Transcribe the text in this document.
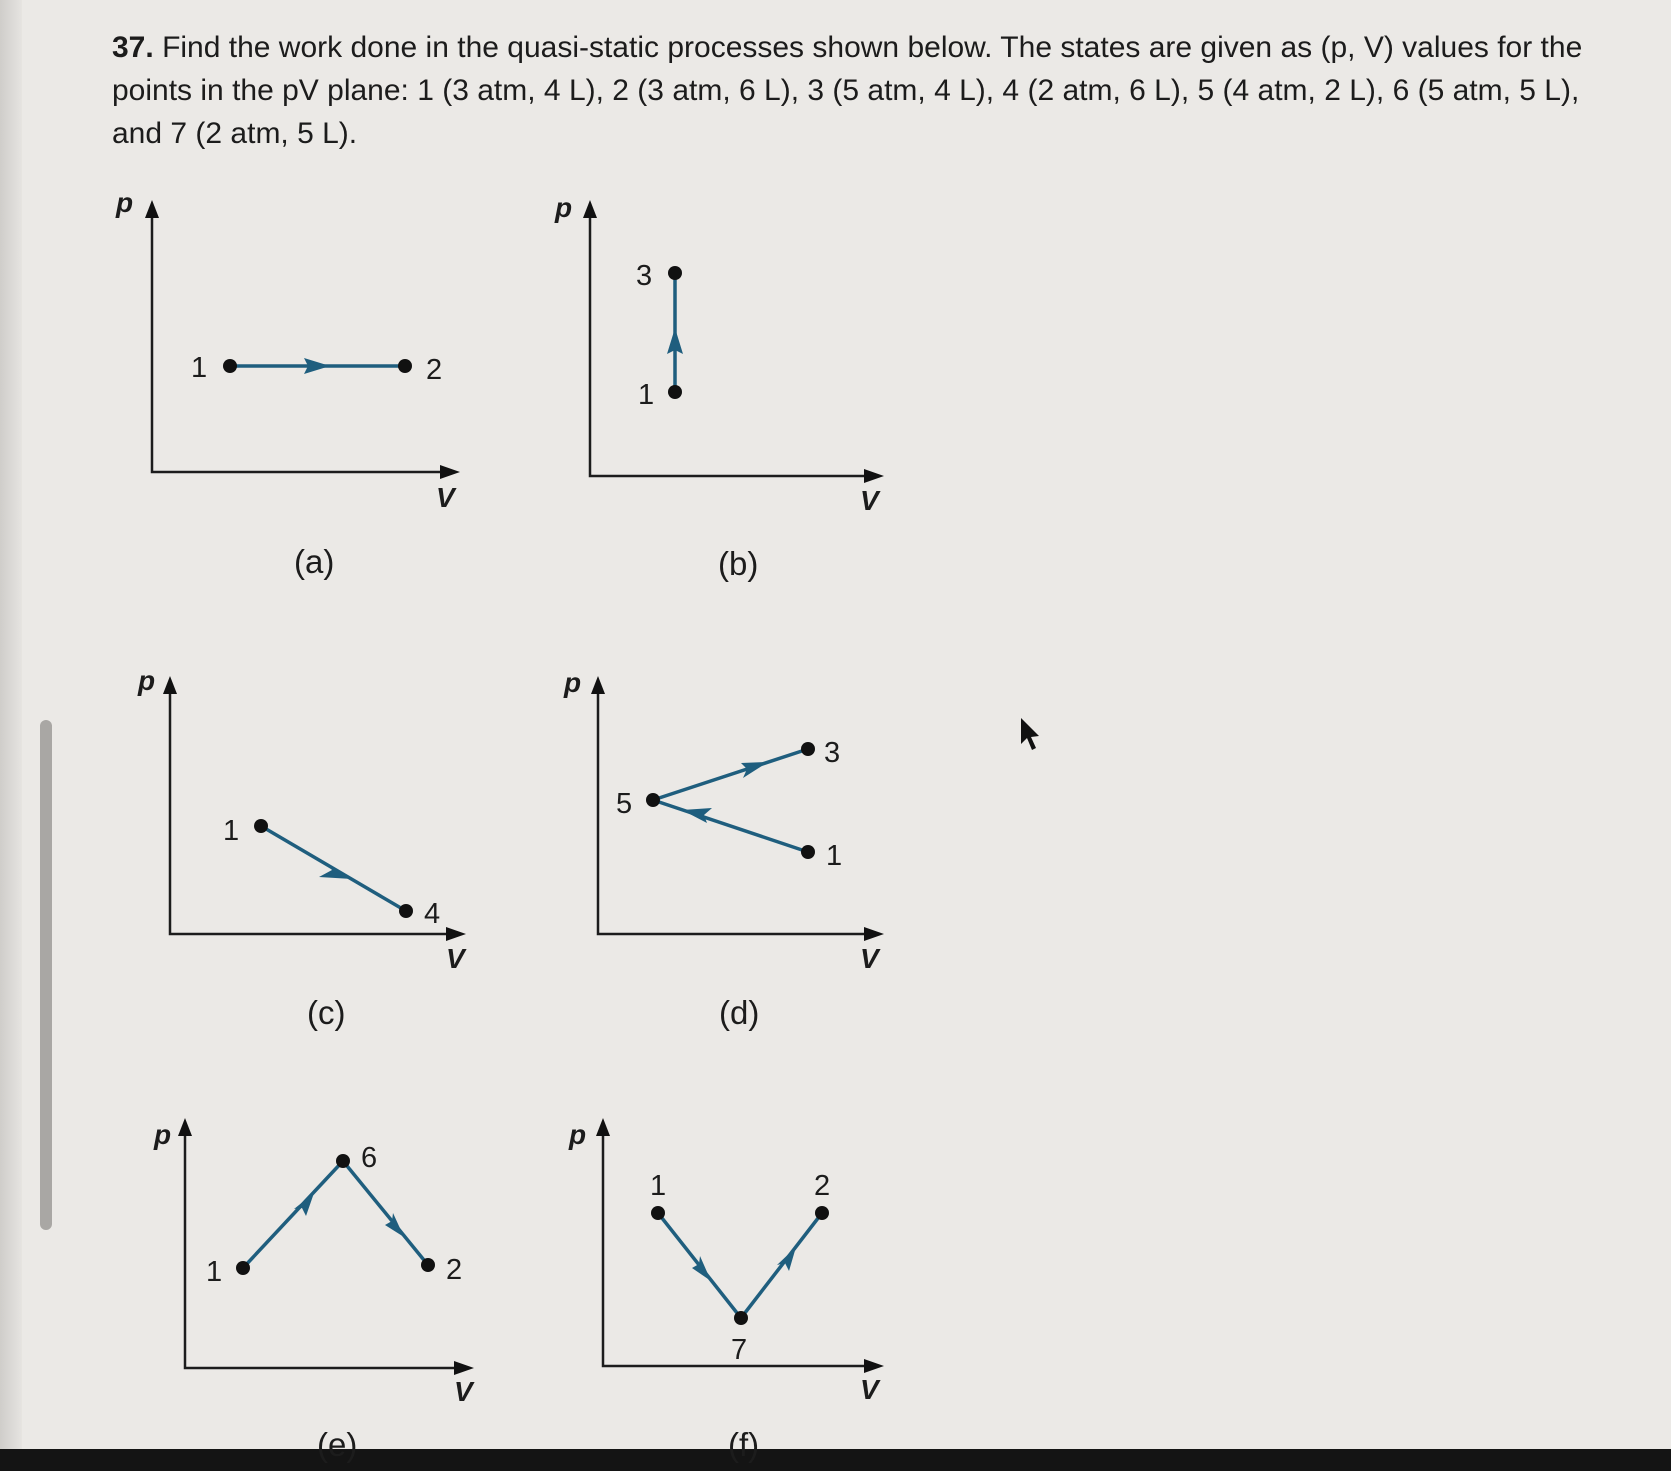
37. Find the work done in the quasi-static processes shown below. The states are given as (p, V) values for the points in the pV plane: 1 (3 atm, 4 L), 2 (3 atm, 6 L), 3 (5 atm, 4 L), 4 (2 atm, 6 L), 5 (4 atm, 2 L), 6 (5 atm, 5 L), and 7 (2 atm, 5 L).
p
V
1	2
(a)
p
V
3
1
(b)
p
V
1
4
(c)
p
V
5
3
1
(d)
p
V
1
6
2
(e)
p
V
1	2
7
(f)
